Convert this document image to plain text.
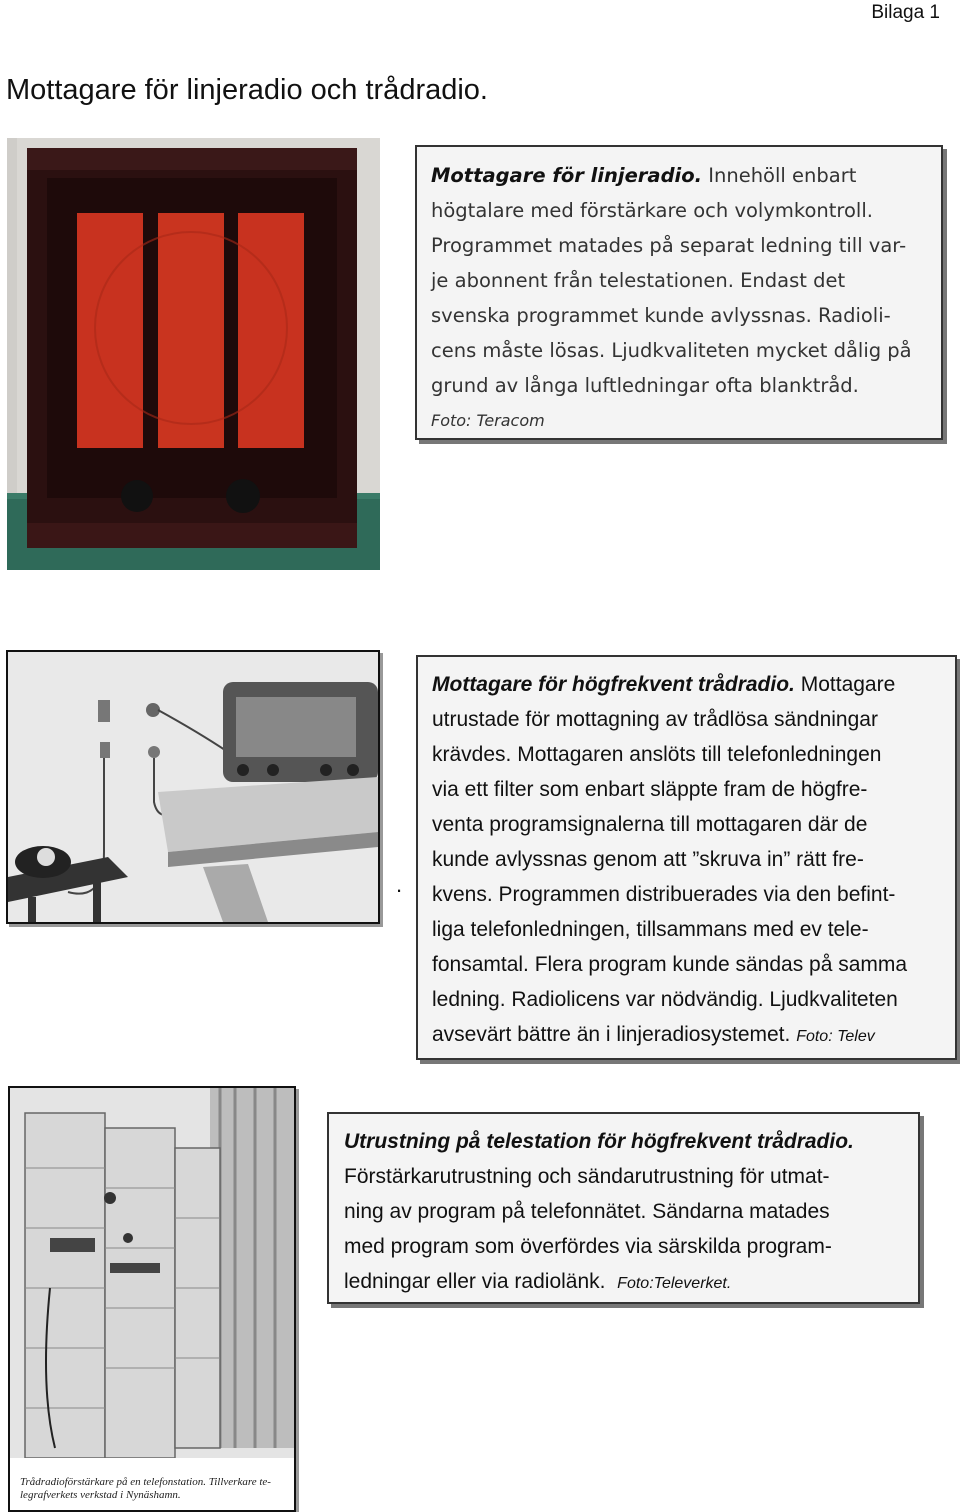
Bilaga 1
Mottagare för linjeradio och trådradio.

Mottagare för linjeradio. Innehöll enbart

högtalare med förstärkare och volymkontroll.

Programmet matades på separat ledning till var-

je abonnent från telestationen. Endast det

svenska programmet kunde avlyssnas. Radioli-

cens måste lösas. Ljudkvaliteten mycket dålig på

grund av långa luftledningar ofta blanktråd.

Foto: Teracom

.

Mottagare för högfrekvent trådradio. Mottagare

utrustade för mottagning av trådlösa sändningar

krävdes. Mottagaren anslöts till telefonledningen

via ett filter som enbart släppte fram de högfre-

venta programsignalerna till mottagaren där de

kunde avlyssnas genom att ”skruva in” rätt fre-

kvens. Programmen distribuerades via den befint-

liga telefonledningen, tillsammans med ev tele-

fonsamtal. Flera program kunde sändas på samma

ledning. Radiolicens var nödvändig. Ljudkvaliteten

avsevärt bättre än i linjeradiosystemet. Foto: Telev

Trådradioförstärkare på en telefonstation. Tillverkare te-
legrafverkets verkstad i Nynäshamn.

Utrustning på telestation för högfrekvent trådradio.

Förstärkarutrustning och sändarutrustning för utmat-

ning av program på telefonnätet. Sändarna matades

med program som överfördes via särskilda program-

ledningar eller via radiolänk. Foto:Televerket.
